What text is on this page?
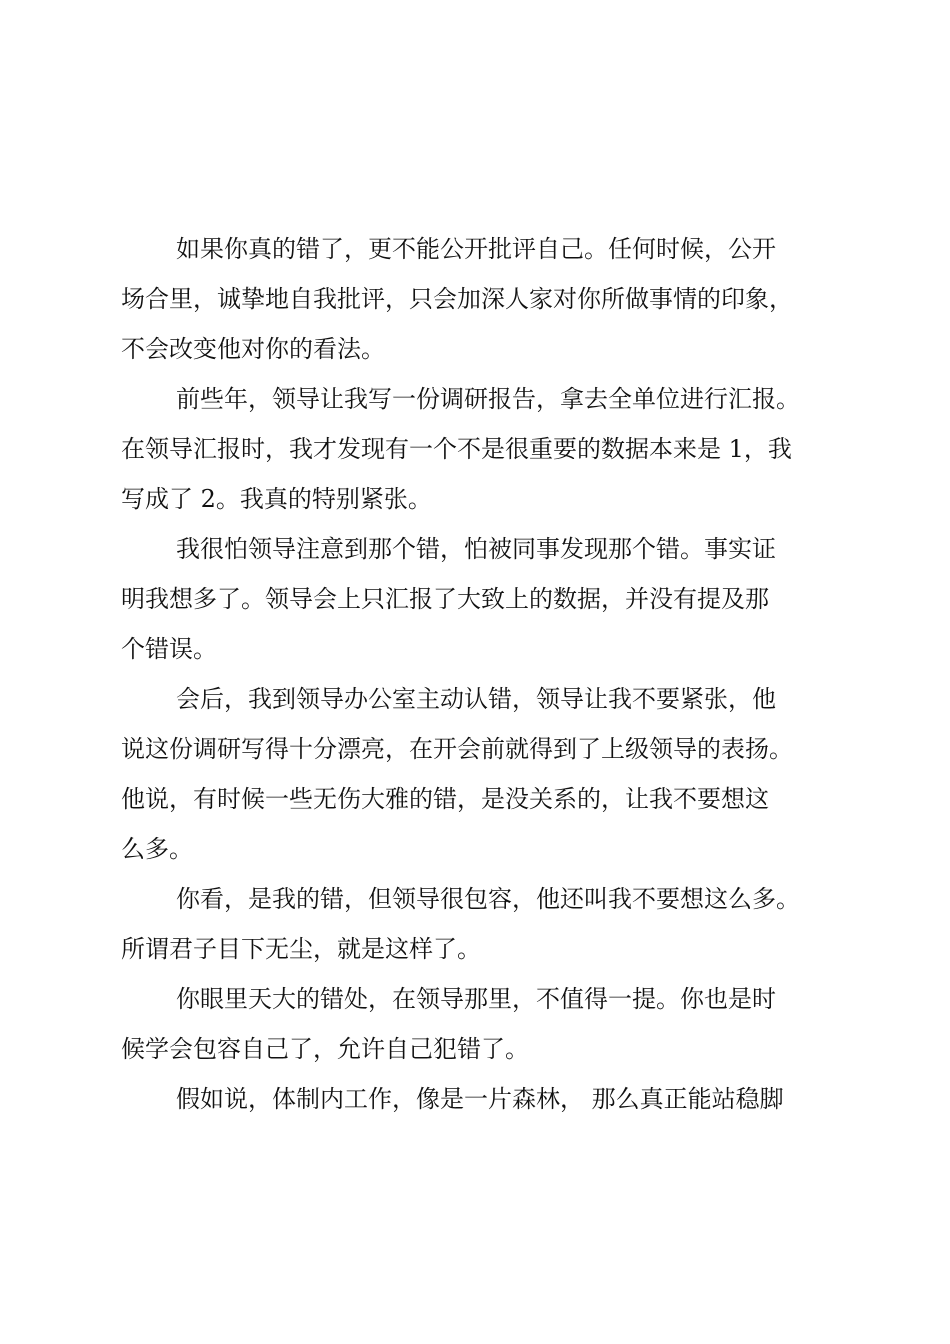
如果你真的错了，更不能公开批评自己。任何时候，公开
场合里，诚挚地自我批评，只会加深人家对你所做事情的印象，
不会改变他对你的看法。
前些年，领导让我写一份调研报告，拿去全单位进行汇报。
在领导汇报时，我才发现有一个不是很重要的数据本来是 1，我
写成了 2。我真的特别紧张。
我很怕领导注意到那个错，怕被同事发现那个错。事实证
明我想多了。领导会上只汇报了大致上的数据，并没有提及那
个错误。
会后，我到领导办公室主动认错，领导让我不要紧张，他
说这份调研写得十分漂亮，在开会前就得到了上级领导的表扬。
他说，有时候一些无伤大雅的错，是没关系的，让我不要想这
么多。
你看，是我的错，但领导很包容，他还叫我不要想这么多。
所谓君子目下无尘，就是这样了。
你眼里天大的错处，在领导那里，不值得一提。你也是时
候学会包容自己了，允许自己犯错了。
假如说，体制内工作，像是一片森林， 那么真正能站稳脚
